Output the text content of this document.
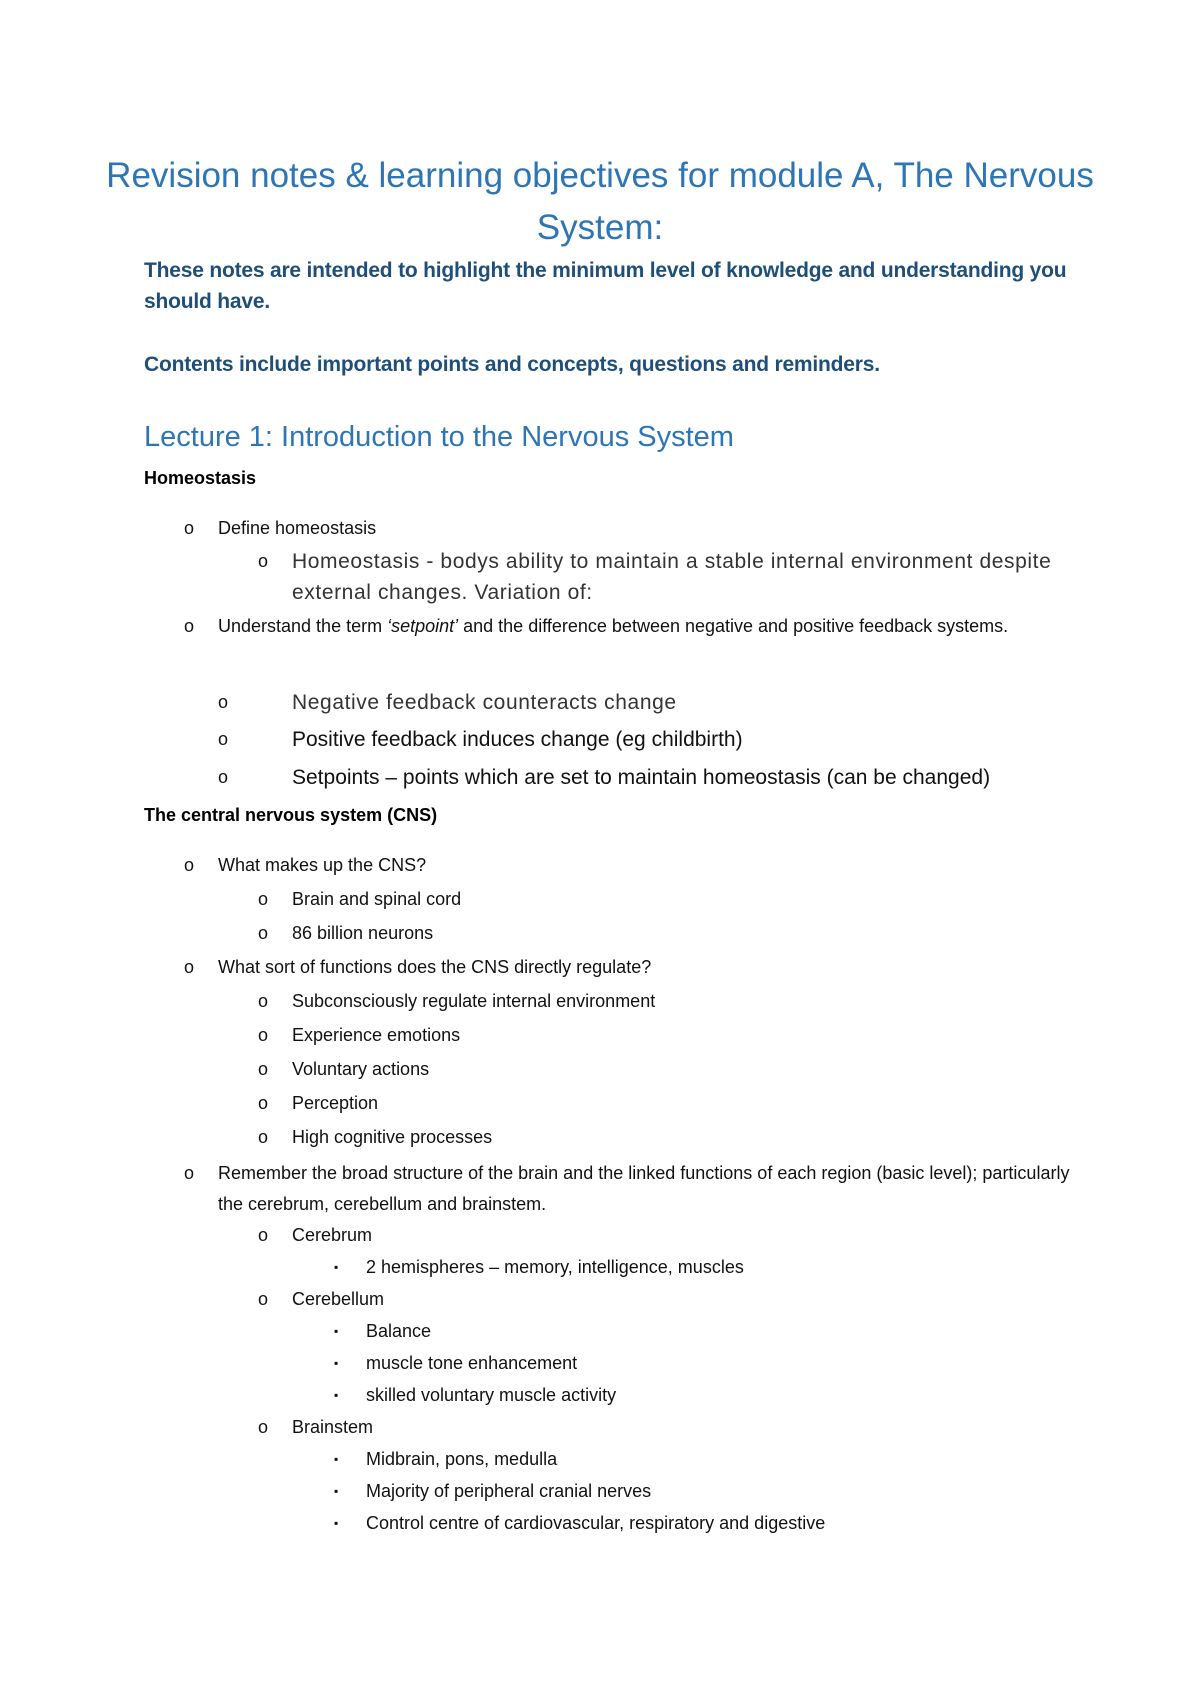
Revision notes & learning objectives for module A, The Nervous System:

These notes are intended to highlight the minimum level of knowledge and understanding you should have.

Contents include important points and concepts, questions and reminders.

Lecture 1: Introduction to the Nervous System
Homeostasis
o Define homeostasis
o Homeostasis - bodys ability to maintain a stable internal environment despite external changes. Variation of:
o Understand the term ‘setpoint’ and the difference between negative and positive feedback systems.
o	Negative feedback counteracts change
o	Positive feedback induces change (eg childbirth)
o	Setpoints – points which are set to maintain homeostasis (can be changed)
The central nervous system (CNS)
o What makes up the CNS?
o Brain and spinal cord
o 86 billion neurons
o What sort of functions does the CNS directly regulate?
o Subconsciously regulate internal environment
o Experience emotions
o Voluntary actions
o Perception
o High cognitive processes
o Remember the broad structure of the brain and the linked functions of each region (basic level); particularly the cerebrum, cerebellum and brainstem.
o Cerebrum
▪ 2 hemispheres – memory, intelligence, muscles
o Cerebellum
▪ Balance
▪ muscle tone enhancement
▪ skilled voluntary muscle activity
o Brainstem
▪ Midbrain, pons, medulla
▪ Majority of peripheral cranial nerves
▪ Control centre of cardiovascular, respiratory and digestive
